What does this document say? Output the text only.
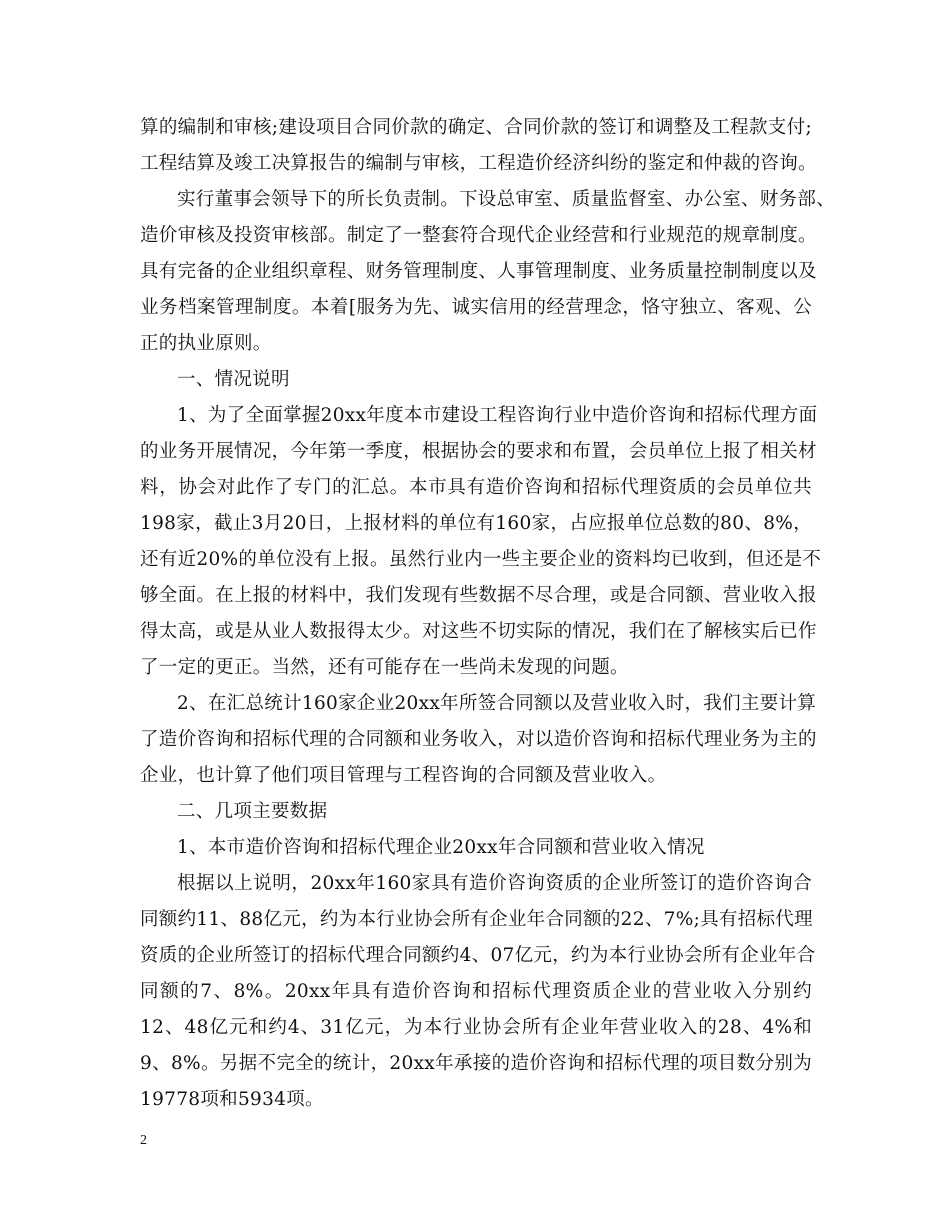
算的编制和审核;建设项目合同价款的确定、合同价款的签订和调整及工程款支付;
工程结算及竣工决算报告的编制与审核，工程造价经济纠纷的鉴定和仲裁的咨询。
实行董事会领导下的所长负责制。下设总审室、质量监督室、办公室、财务部、
造价审核及投资审核部。制定了一整套符合现代企业经营和行业规范的规章制度。
具有完备的企业组织章程、财务管理制度、人事管理制度、业务质量控制制度以及
业务档案管理制度。本着[服务为先、诚实信用的经营理念，恪守独立、客观、公
正的执业原则。
一、情况说明
1、为了全面掌握20xx年度本市建设工程咨询行业中造价咨询和招标代理方面
的业务开展情况，今年第一季度，根据协会的要求和布置，会员单位上报了相关材
料，协会对此作了专门的汇总。本市具有造价咨询和招标代理资质的会员单位共
198家，截止3月20日，上报材料的单位有160家，占应报单位总数的80、8%，
还有近20%的单位没有上报。虽然行业内一些主要企业的资料均已收到，但还是不
够全面。在上报的材料中，我们发现有些数据不尽合理，或是合同额、营业收入报
得太高，或是从业人数报得太少。对这些不切实际的情况，我们在了解核实后已作
了一定的更正。当然，还有可能存在一些尚未发现的问题。
2、在汇总统计160家企业20xx年所签合同额以及营业收入时，我们主要计算
了造价咨询和招标代理的合同额和业务收入，对以造价咨询和招标代理业务为主的
企业，也计算了他们项目管理与工程咨询的合同额及营业收入。
二、几项主要数据
1、本市造价咨询和招标代理企业20xx年合同额和营业收入情况
根据以上说明，20xx年160家具有造价咨询资质的企业所签订的造价咨询合
同额约11、88亿元，约为本行业协会所有企业年合同额的22、7%;具有招标代理
资质的企业所签订的招标代理合同额约4、07亿元，约为本行业协会所有企业年合
同额的7、8%。20xx年具有造价咨询和招标代理资质企业的营业收入分别约
12、48亿元和约4、31亿元，为本行业协会所有企业年营业收入的28、4%和
9、8%。另据不完全的统计，20xx年承接的造价咨询和招标代理的项目数分别为
19778项和5934项。
2
